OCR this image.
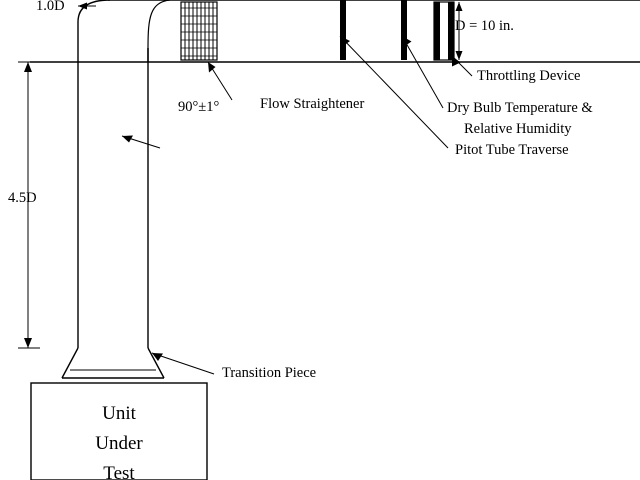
1.0D
4.5D
90°±1°	Flow Straightener
D = 10 in.
Throttling Device
Dry Bulb Temperature &
Relative Humidity
Pitot Tube Traverse
Transition Piece
Unit
Under
Test
